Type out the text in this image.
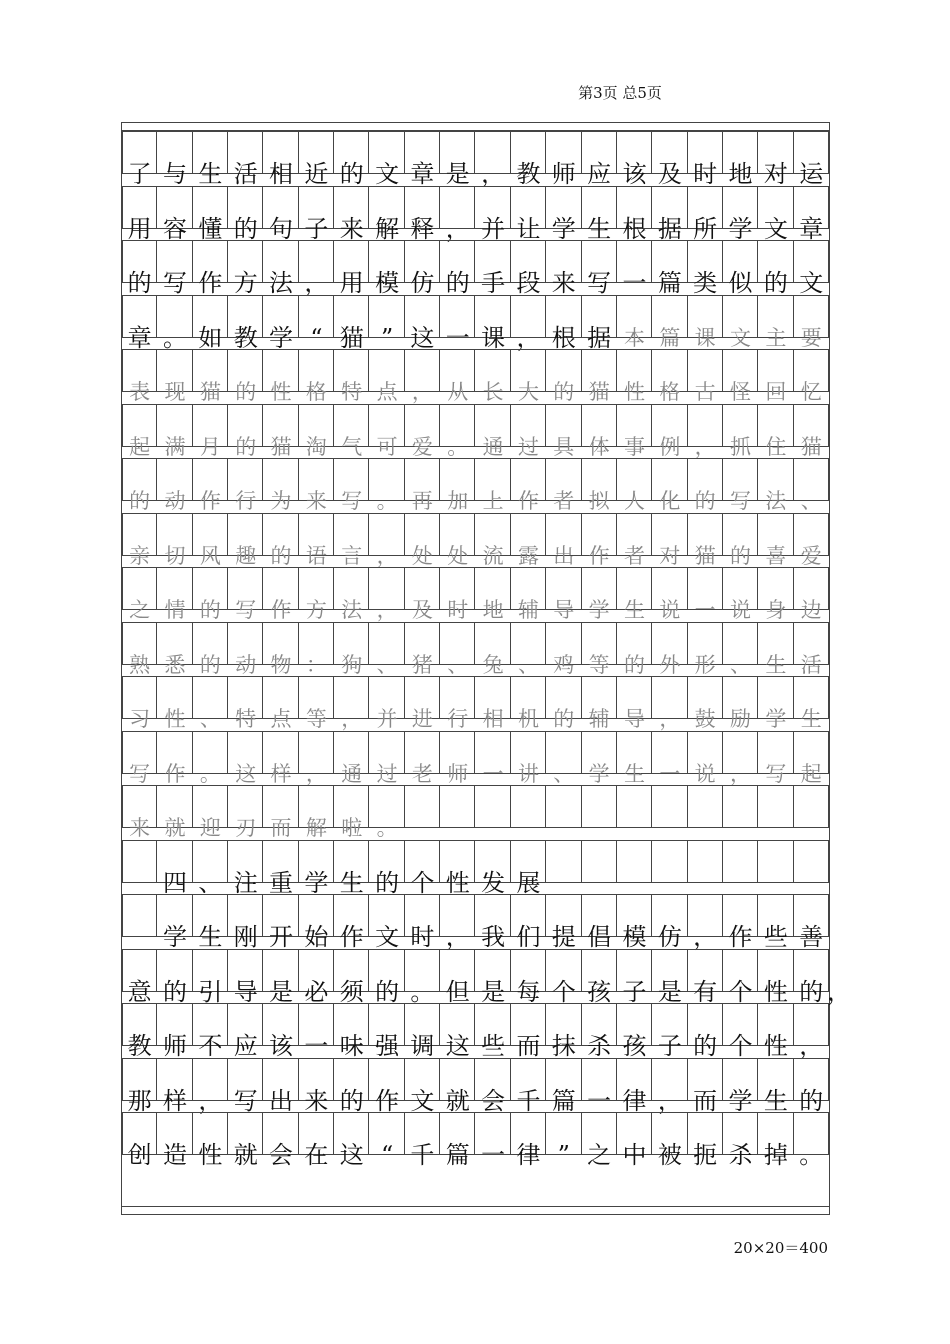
第3页 总5页
了 与 生 活 相 近 的 文 章 是 ， 教 师 应 该 及 时 地 对 运
用 容 懂 的 句 子 来 解 释 ， 并 让 学 生 根 据 所 学 文 章
的 写 作 方 法 ， 用 模 仿 的 手 段 来 写 一 篇 类 似 的 文
章 。 如 教 学 “ 猫 ” 这 一 课 ， 根 据 本 篇 课 文 主 要
表 现 猫 的 性 格 特 点 ， 从 长 大 的 猫 性 格 古 怪 回 忆
起 满 月 的 猫 淘 气 可 爱 。 通 过 具 体 事 例 ， 抓 住 猫
的 动 作 行 为 来 写 。 再 加 上 作 者 拟 人 化 的 写 法 、
亲 切 风 趣 的 语 言 ， 处 处 流 露 出 作 者 对 猫 的 喜 爱
之 情 的 写 作 方 法 ， 及 时 地 辅 导 学 生 说 一 说 身 边
熟 悉 的 动 物 ： 狗 、 猪 、 兔 、 鸡 等 的 外 形 、 生 活
习 性 、 特 点 等 ， 并 进 行 相 机 的 辅 导 ， 鼓 励 学 生
写 作 。 这 样 ， 通 过 老 师 一 讲 、 学 生 一 说 ， 写 起
来 就 迎 刃 而 解 啦 。

四 、 注 重 学 生 的 个 性 发 展

学 生 刚 开 始 作 文 时 ， 我 们 提 倡 模 仿 ， 作 些 善
意 的 引 导 是 必 须 的 。 但 是 每 个 孩 子 是 有 个 性 的 ，
教 师 不 应 该 一 味 强 调 这 些 而 抹 杀 孩 子 的 个 性 ，
那 样 ， 写 出 来 的 作 文 就 会 千 篇 一 律 ， 而 学 生 的
创 造 性 就 会 在 这 “ 千 篇 一 律 ” 之 中 被 扼 杀 掉 。
20×20＝400
